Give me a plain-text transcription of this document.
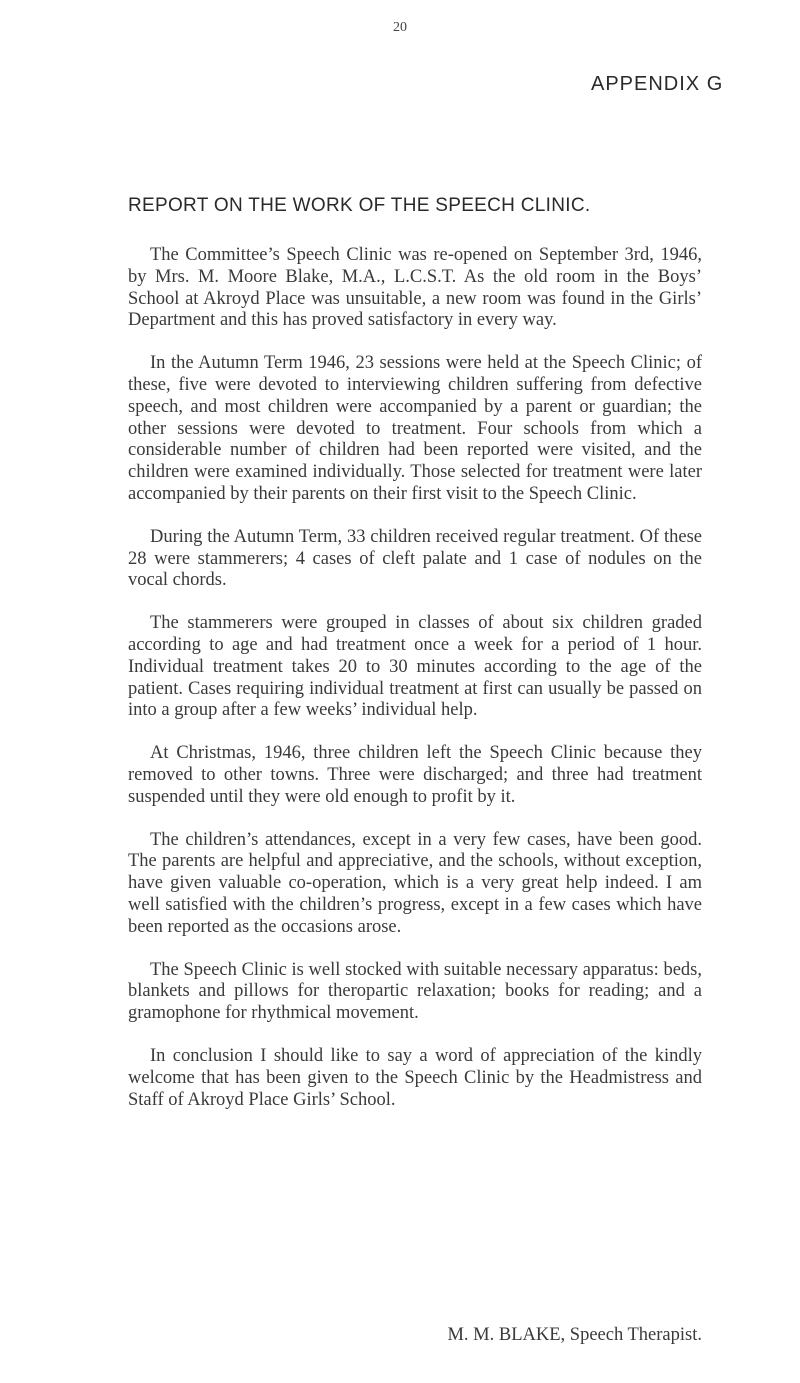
20
APPENDIX G
REPORT ON THE WORK OF THE SPEECH CLINIC.

The Committee’s Speech Clinic was re-opened on September 3rd, 1946, by Mrs. M. Moore Blake, M.A., L.C.S.T. As the old room in the Boys’ School at Akroyd Place was unsuitable, a new room was found in the Girls’ Department and this has proved satisfactory in every way.

In the Autumn Term 1946, 23 sessions were held at the Speech Clinic; of these, five were devoted to interviewing children suffering from defective speech, and most children were accompanied by a parent or guardian; the other sessions were devoted to treatment. Four schools from which a considerable number of children had been reported were visited, and the children were examined individually. Those selected for treatment were later accompanied by their parents on their first visit to the Speech Clinic.

During the Autumn Term, 33 children received regular treatment. Of these 28 were stammerers; 4 cases of cleft palate and 1 case of nodules on the vocal chords.

The stammerers were grouped in classes of about six children graded according to age and had treatment once a week for a period of 1 hour. Individual treatment takes 20 to 30 minutes according to the age of the patient. Cases requiring individual treatment at first can usually be passed on into a group after a few weeks’ individual help.

At Christmas, 1946, three children left the Speech Clinic because they removed to other towns. Three were discharged; and three had treatment suspended until they were old enough to profit by it.

The children’s attendances, except in a very few cases, have been good. The parents are helpful and appreciative, and the schools, without exception, have given valuable co-operation, which is a very great help indeed. I am well satisfied with the children’s progress, except in a few cases which have been reported as the occasions arose.

The Speech Clinic is well stocked with suitable necessary apparatus: beds, blankets and pillows for theropartic relaxation; books for reading; and a gramophone for rhythmical movement.

In conclusion I should like to say a word of appreciation of the kindly welcome that has been given to the Speech Clinic by the Headmistress and Staff of Akroyd Place Girls’ School.

M. M. BLAKE, Speech Therapist.
